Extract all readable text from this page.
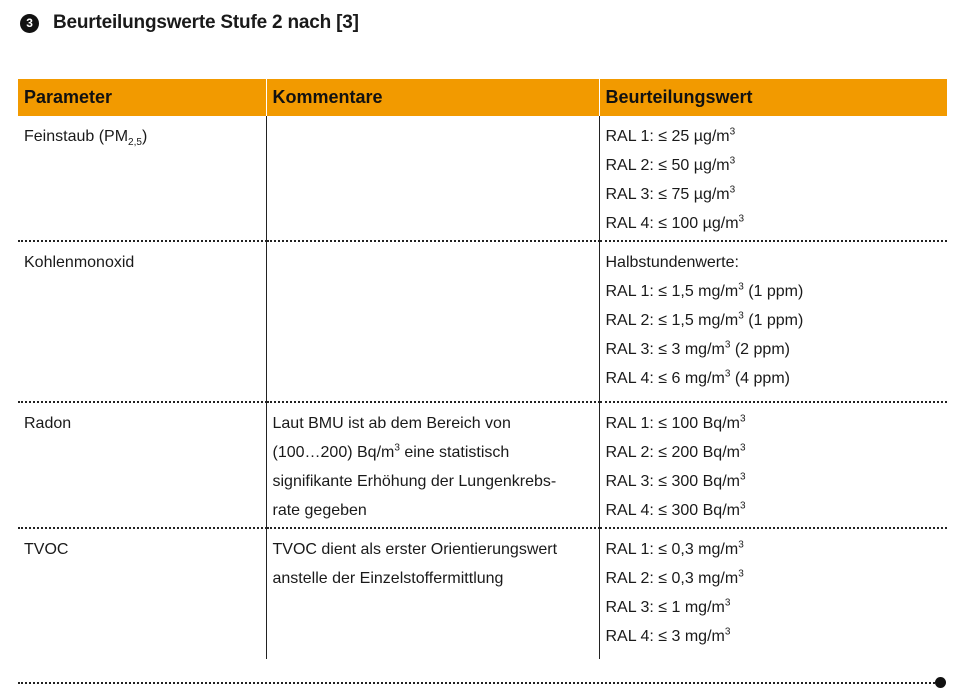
3	Beurteilungswerte Stufe 2 nach [3]
Parameter	Kommentare	Beurteilungswert
Feinstaub $(PM_{2,5})$		RAL 1: ≤ 25 $\mu g/m^3$
RAL 2: ≤ 50 $\mu g/m^3$
RAL 3: ≤ 75 $\mu g/m^3$
RAL 4: ≤ 100 $\mu g/m^3$

Kohlenmonoxid		Halbstundenwerte:
RAL 1: ≤ 1,5 $mg/m^3$ (1 ppm)
RAL 2: ≤ 1,5 $mg/m^3$ (1 ppm)
RAL 3: ≤ 3 $mg/m^3$ (2 ppm)
RAL 4: ≤ 6 $mg/m^3$ (4 ppm)

Radon	Laut BMU ist ab dem Bereich von
(100…200) $Bq/m^3$ eine statistisch
signifikante Erhöhung der Lungenkrebs-
rate gegeben	RAL 1: ≤ 100 $Bq/m^3$
RAL 2: ≤ 200 $Bq/m^3$
RAL 3: ≤ 300 $Bq/m^3$
RAL 4: ≤ 300 $Bq/m^3$

TVOC	TVOC dient als erster Orientierungswert
anstelle der Einzelstoffermittlung	RAL 1: ≤ 0,3 $mg/m^3$
RAL 2: ≤ 0,3 $mg/m^3$
RAL 3: ≤ 1 $mg/m^3$
RAL 4: ≤ 3 $mg/m^3$
